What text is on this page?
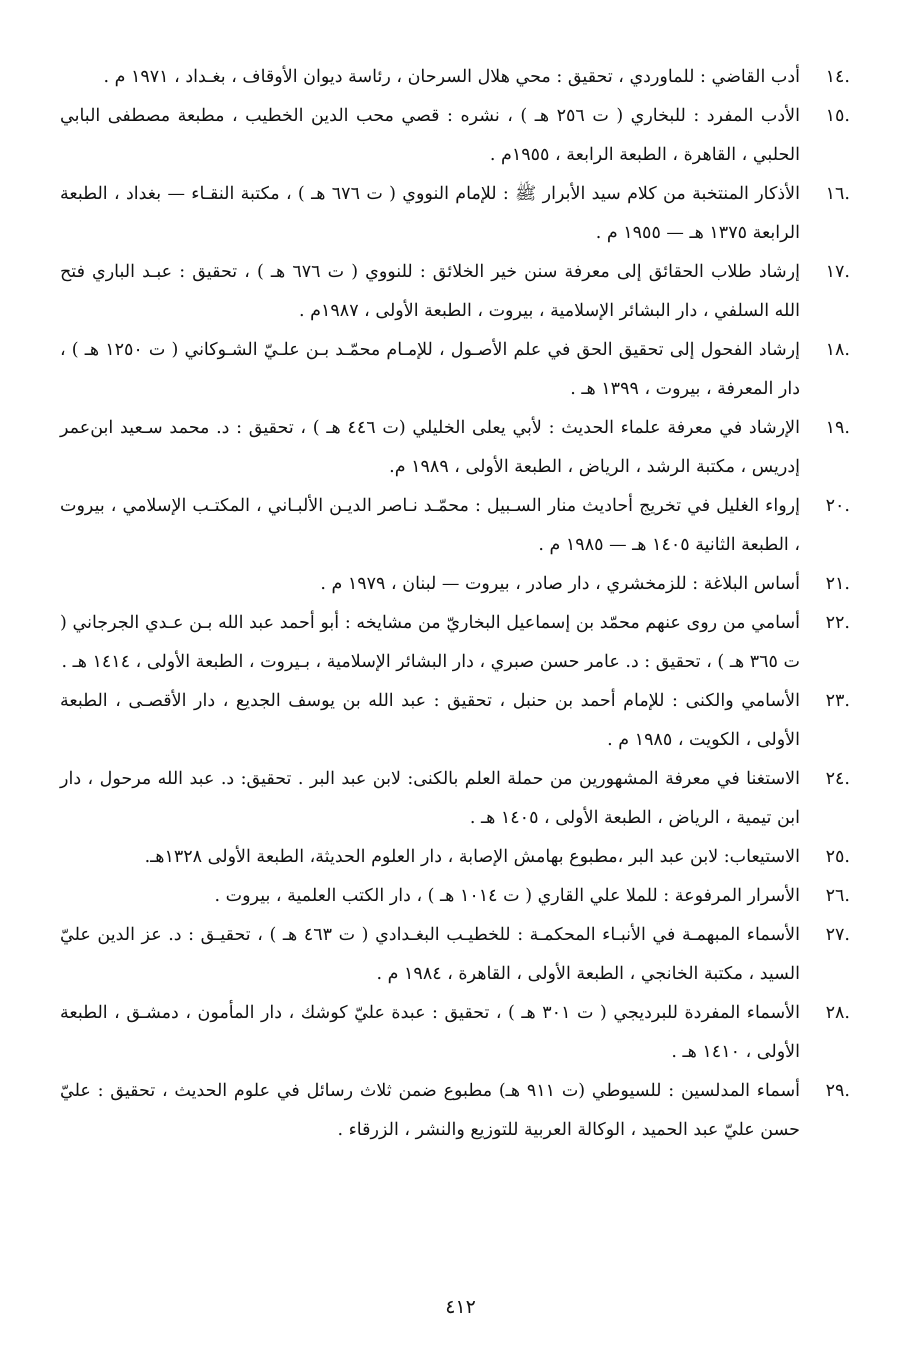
.١٤
أدب القاضي : للماوردي ، تحقيق : محي هلال السرحان ، رئاسة ديوان الأوقاف ، بغـداد ، ١٩٧١ م .

.١٥
الأدب المفرد : للبخاري ( ت ٢٥٦ هـ ) ، نشره : قصي محب الدين الخطيب ، مطبعة مصطفى البابي الحلبي ، القاهرة ، الطبعة الرابعة ، ١٩٥٥م .

.١٦
الأذكار المنتخبة من كلام سيد الأبرار ﷺ : للإمام النووي ( ت ٦٧٦ هـ ) ، مكتبة النقـاء — بغداد ، الطبعة الرابعة ١٣٧٥ هـ — ١٩٥٥ م .

.١٧
إرشاد طلاب الحقائق إلى معرفة سنن خير الخلائق : للنووي ( ت ٦٧٦ هـ ) ، تحقيق : عبـد الباري فتح الله السلفي ، دار البشائر الإسلامية ، بيروت ، الطبعة الأولى ، ١٩٨٧م .

.١٨
إرشاد الفحول إلى تحقيق الحق في علم الأصـول ، للإمـام محمّـد بـن علـيّ الشـوكاني ( ت ١٢٥٠ هـ ) ، دار المعرفة ، بيروت ، ١٣٩٩ هـ .

.١٩
الإرشاد في معرفة علماء الحديث : لأبي يعلى الخليلي (ت ٤٤٦ هـ ) ، تحقيق : د. محمد سـعيد ابن‌عمر إدريس ، مكتبة الرشد ، الرياض ، الطبعة الأولى ، ١٩٨٩ م.

.٢٠
إرواء الغليل في تخريج أحاديث منار السـبيل : محمّـد نـاصر الديـن الألبـاني ، المكتـب الإسلامي ، بيروت ، الطبعة الثانية ١٤٠٥ هـ — ١٩٨٥ م .

.٢١
أساس البلاغة : للزمخشري ، دار صادر ، بيروت — لبنان ، ١٩٧٩ م .

.٢٢
أسامي من روى عنهم محمّد بن إسماعيل البخاريّ من مشايخه : أبو أحمد عبد الله بـن عـدي الجرجاني ( ت ٣٦٥ هـ ) ، تحقيق : د. عامر حسن صبري ، دار البشائر الإسلامية ، بـيروت ، الطبعة الأولى ، ١٤١٤ هـ .

.٢٣
الأسامي والكنى : للإمام أحمد بن حنبل ، تحقيق : عبد الله بن يوسف الجديع ، دار الأقصـى ، الطبعة الأولى ، الكويت ، ١٩٨٥ م .

.٢٤
الاستغنا في معرفة المشهورين من حملة العلم بالكنى: لابن عبد البر . تحقيق: د. عبد الله مرحول ، دار ابن تيمية ، الرياض ، الطبعة الأولى ، ١٤٠٥ هـ .

.٢٥
الاستيعاب: لابن عبد البر ،مطبوع بهامش الإصابة ، دار العلوم الحديثة، الطبعة الأولى ١٣٢٨هـ.

.٢٦
الأسرار المرفوعة : للملا علي القاري ( ت ١٠١٤ هـ ) ، دار الكتب العلمية ، بيروت .

.٢٧
الأسماء المبهمـة في الأنبـاء المحكمـة : للخطيـب البغـدادي ( ت ٤٦٣ هـ ) ، تحقيـق : د. عز الدين عليّ السيد ، مكتبة الخانجي ، الطبعة الأولى ، القاهرة ، ١٩٨٤ م .

.٢٨
الأسماء المفردة للبرديجي ( ت ٣٠١ هـ ) ، تحقيق : عبدة عليّ كوشك ، دار المأمون ، دمشـق ، الطبعة الأولى ، ١٤١٠ هـ .

.٢٩
أسماء المدلسين : للسيوطي (ت ٩١١ هـ) مطبوع ضمن ثلاث رسائل في علوم الحديث ، تحقيق : عليّ حسن عليّ عبد الحميد ، الوكالة العربية للتوزيع والنشر ، الزرقاء .

٤١٢
